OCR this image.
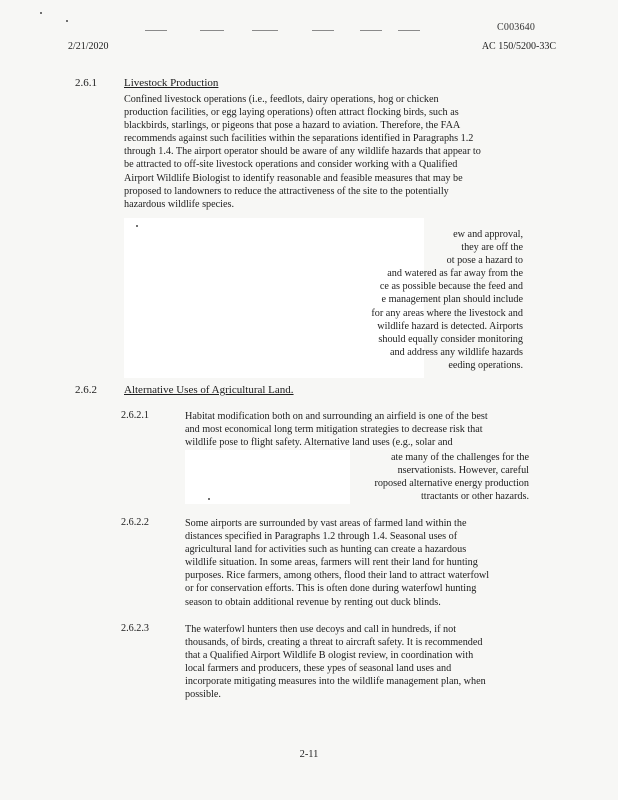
C003640
2/21/2020	AC 150/5200-33C
2.6.1 Livestock Production
Confined livestock operations (i.e., feedlots, dairy operations, hog or chicken
production facilities, or egg laying operations) often attract flocking birds, such as
blackbirds, starlings, or pigeons that pose a hazard to aviation. Therefore, the FAA
recommends against such facilities within the separations identified in Paragraphs 1.2
through 1.4. The airport operator should be aware of any wildlife hazards that appear to
be attracted to off-site livestock operations and consider working with a Qualified
Airport Wildlife Biologist to identify reasonable and feasible measures that may be
proposed to landowners to reduce the attractiveness of the site to the potentially
hazardous wildlife species.
ew and approval,
they are off the
ot pose a hazard to
and watered as far away from the
ce as possible because the feed and
e management plan should include
for any areas where the livestock and
wildlife hazard is detected. Airports
should equally consider monitoring
and address any wildlife hazards
eeding operations.
2.6.2 Alternative Uses of Agricultural Land.
2.6.2.1	Habitat modification both on and surrounding an airfield is one of the best
and most economical long term mitigation strategies to decrease risk that
wildlife pose to flight safety. Alternative land uses (e.g., solar and
ate many of the challenges for the
nservationists. However, careful
roposed alternative energy production
ttractants or other hazards.
2.6.2.2	Some airports are surrounded by vast areas of farmed land within the
distances specified in Paragraphs 1.2 through 1.4. Seasonal uses of
agricultural land for activities such as hunting can create a hazardous
wildlife situation. In some areas, farmers will rent their land for hunting
purposes. Rice farmers, among others, flood their land to attract waterfowl
or for conservation efforts. This is often done during waterfowl hunting
season to obtain additional revenue by renting out duck blinds.
2.6.2.3	The waterfowl hunters then use decoys and call in hundreds, if not
thousands, of birds, creating a threat to aircraft safety. It is recommended
that a Qualified Airport Wildlife B ologist review, in coordination with
local farmers and producers, these ypes of seasonal land uses and
incorporate mitigating measures into the wildlife management plan, when
possible.
2-11
